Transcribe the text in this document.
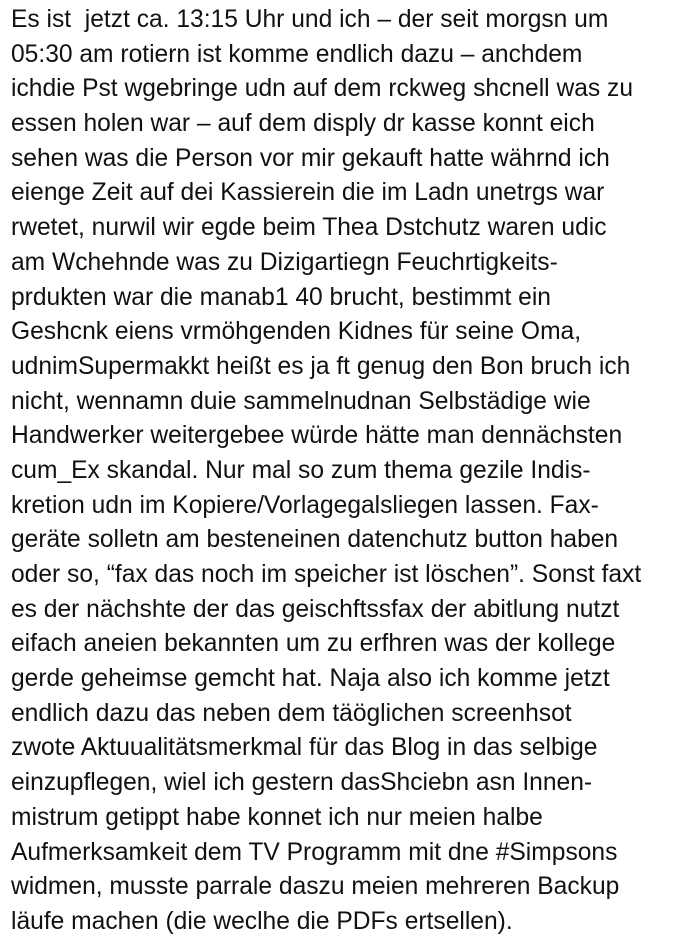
Es ist  jetzt ca. 13:15 Uhr und ich – der seit morgsn um
05:30 am rotiern ist komme endlich dazu – anchdem
ichdie Pst wgebringe udn auf dem rckweg shcnell was zu
essen holen war – auf dem disply dr kasse konnt eich
sehen was die Person vor mir gekauft hatte währnd ich
eienge Zeit auf dei Kassierein die im Ladn unetrgs war
rwetet, nurwil wir egde beim Thea Dstchutz waren udic
am Wchehnde was zu Dizigartiegn Feuchrtigkeits-
prdukten war die manab1 40 brucht, bestimmt ein
Geshcnk eiens vrmöhgenden Kidnes für seine Oma,
udnimSupermakkt heißt es ja ft genug den Bon bruch ich
nicht, wennamn duie sammelnudnan Selbstädige wie
Handwerker weitergebee würde hätte man dennächsten
cum_Ex skandal. Nur mal so zum thema gezile Indis-
kretion udn im Kopiere/Vorlagegalsliegen lassen. Fax-
geräte solletn am besteneinen datenchutz button haben
oder so, “fax das noch im speicher ist löschen”. Sonst faxt
es der nächshte der das geischftssfax der abitlung nutzt
eifach aneien bekannten um zu erfhren was der kollege
gerde geheimse gemcht hat. Naja also ich komme jetzt
endlich dazu das neben dem täöglichen screenhsot
zwote Aktuualitätsmerkmal für das Blog in das selbige
einzupflegen, wiel ich gestern dasShciebn asn Innen-
mistrum getippt habe konnet ich nur meien halbe
Aufmerksamkeit dem TV Programm mit dne #Simpsons
widmen, musste parrale daszu meien mehreren Backup
läufe machen (die weclhe die PDFs ertsellen).
